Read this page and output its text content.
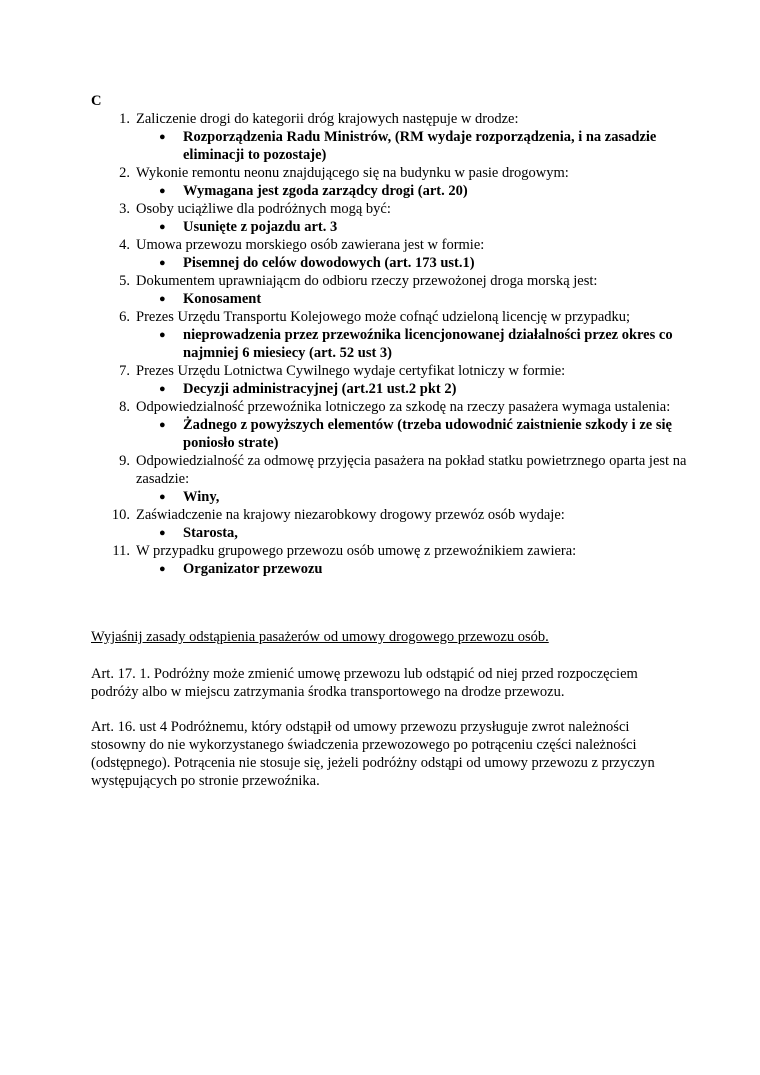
C
1. Zaliczenie drogi do kategorii dróg krajowych następuje w drodze:
●	Rozporządzenia Radu Ministrów, (RM wydaje rozporządzenia, i na zasadzie eliminacji to pozostaje)
2. Wykonie remontu neonu znajdującego się na budynku w pasie drogowym:
●	Wymagana jest zgoda zarządcy drogi (art. 20)
3. Osoby uciążliwe dla podróżnych mogą być:
●	Usunięte z pojazdu art. 3
4. Umowa przewozu morskiego osób zawierana jest w formie:
●	Pisemnej do celów dowodowych (art. 173 ust.1)
5. Dokumentem uprawniającm do odbioru rzeczy przewożonej droga morską jest:
●	Konosament
6. Prezes Urzędu Transportu Kolejowego może cofnąć udzieloną licencję w przypadku;
●	nieprowadzenia przez przewoźnika licencjonowanej działalności przez okres co najmniej 6 miesiecy (art. 52 ust 3)
7. Prezes Urzędu Lotnictwa Cywilnego wydaje certyfikat lotniczy w formie:
●	Decyzji administracyjnej (art.21 ust.2 pkt 2)
8. Odpowiedzialność przewoźnika lotniczego za szkodę na rzeczy pasażera wymaga ustalenia:
●	Żadnego z powyższych elementów (trzeba udowodnić zaistnienie szkody i ze się poniosło strate)
9. Odpowiedzialność za odmowę przyjęcia pasażera na pokład statku powietrznego oparta jest na zasadzie:
●	Winy,
10. Zaświadczenie na krajowy niezarobkowy drogowy przewóz osób wydaje:
●	Starosta,
11. W przypadku grupowego przewozu osób umowę z przewoźnikiem zawiera:
●	Organizator przewozu
Wyjaśnij zasady odstąpienia pasażerów od umowy drogowego przewozu osób.
Art. 17. 1. Podróżny może zmienić umowę przewozu lub odstąpić od niej przed rozpoczęciem podróży albo w miejscu zatrzymania środka transportowego na drodze przewozu.
Art. 16. ust 4 Podróżnemu, który odstąpił od umowy przewozu przysługuje zwrot należności stosowny do nie wykorzystanego świadczenia przewozowego po potrąceniu części należności (odstępnego). Potrącenia nie stosuje się, jeżeli podróżny odstąpi od umowy przewozu z przyczyn występujących po stronie przewoźnika.
